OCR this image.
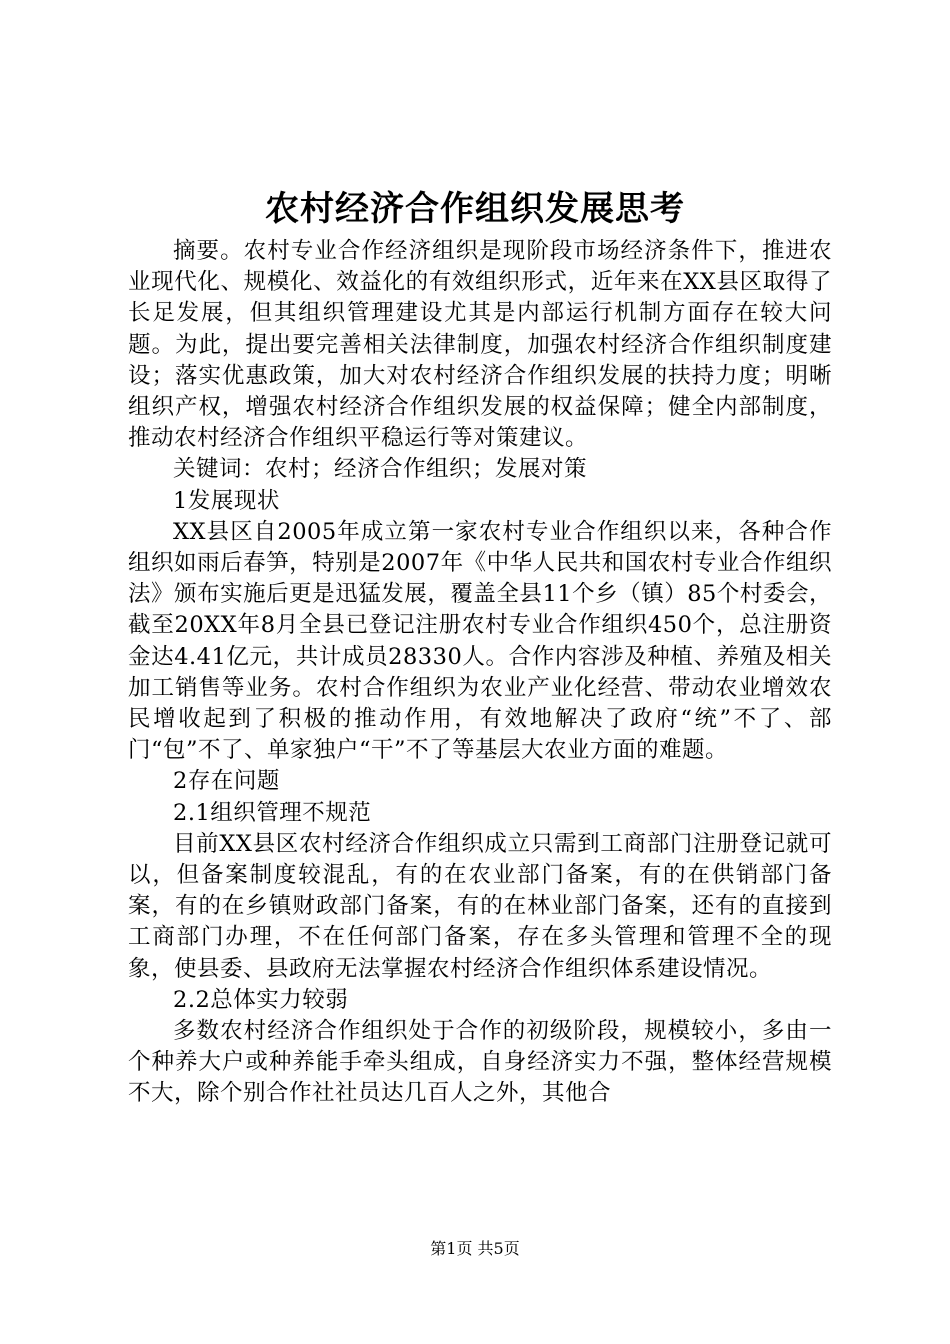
农村经济合作组织发展思考

摘要。农村专业合作经济组织是现阶段市场经济条件下，推进农业现代化、规模化、效益化的有效组织形式，近年来在XX县区取得了长足发展，但其组织管理建设尤其是内部运行机制方面存在较大问题。为此，提出要完善相关法律制度，加强农村经济合作组织制度建设；落实优惠政策，加大对农村经济合作组织发展的扶持力度；明晰组织产权，增强农村经济合作组织发展的权益保障；健全内部制度，推动农村经济合作组织平稳运行等对策建议。

关键词：农村；经济合作组织；发展对策

1发展现状

XX县区自2005年成立第一家农村专业合作组织以来，各种合作组织如雨后春笋，特别是2007年《中华人民共和国农村专业合作组织法》颁布实施后更是迅猛发展，覆盖全县11个乡（镇）85个村委会，截至20XX年8月全县已登记注册农村专业合作组织450个，总注册资金达4.41亿元，共计成员28330人。合作内容涉及种植、养殖及相关加工销售等业务。农村合作组织为农业产业化经营、带动农业增效农民增收起到了积极的推动作用，有效地解决了政府“统”不了、部门“包”不了、单家独户“干”不了等基层大农业方面的难题。

2存在问题

2.1组织管理不规范

目前XX县区农村经济合作组织成立只需到工商部门注册登记就可以，但备案制度较混乱，有的在农业部门备案，有的在供销部门备案，有的在乡镇财政部门备案，有的在林业部门备案，还有的直接到工商部门办理，不在任何部门备案，存在多头管理和管理不全的现象，使县委、县政府无法掌握农村经济合作组织体系建设情况。

2.2总体实力较弱

多数农村经济合作组织处于合作的初级阶段，规模较小，多由一个种养大户或种养能手牵头组成，自身经济实力不强，整体经营规模不大，除个别合作社社员达几百人之外，其他合

第1页 共5页
